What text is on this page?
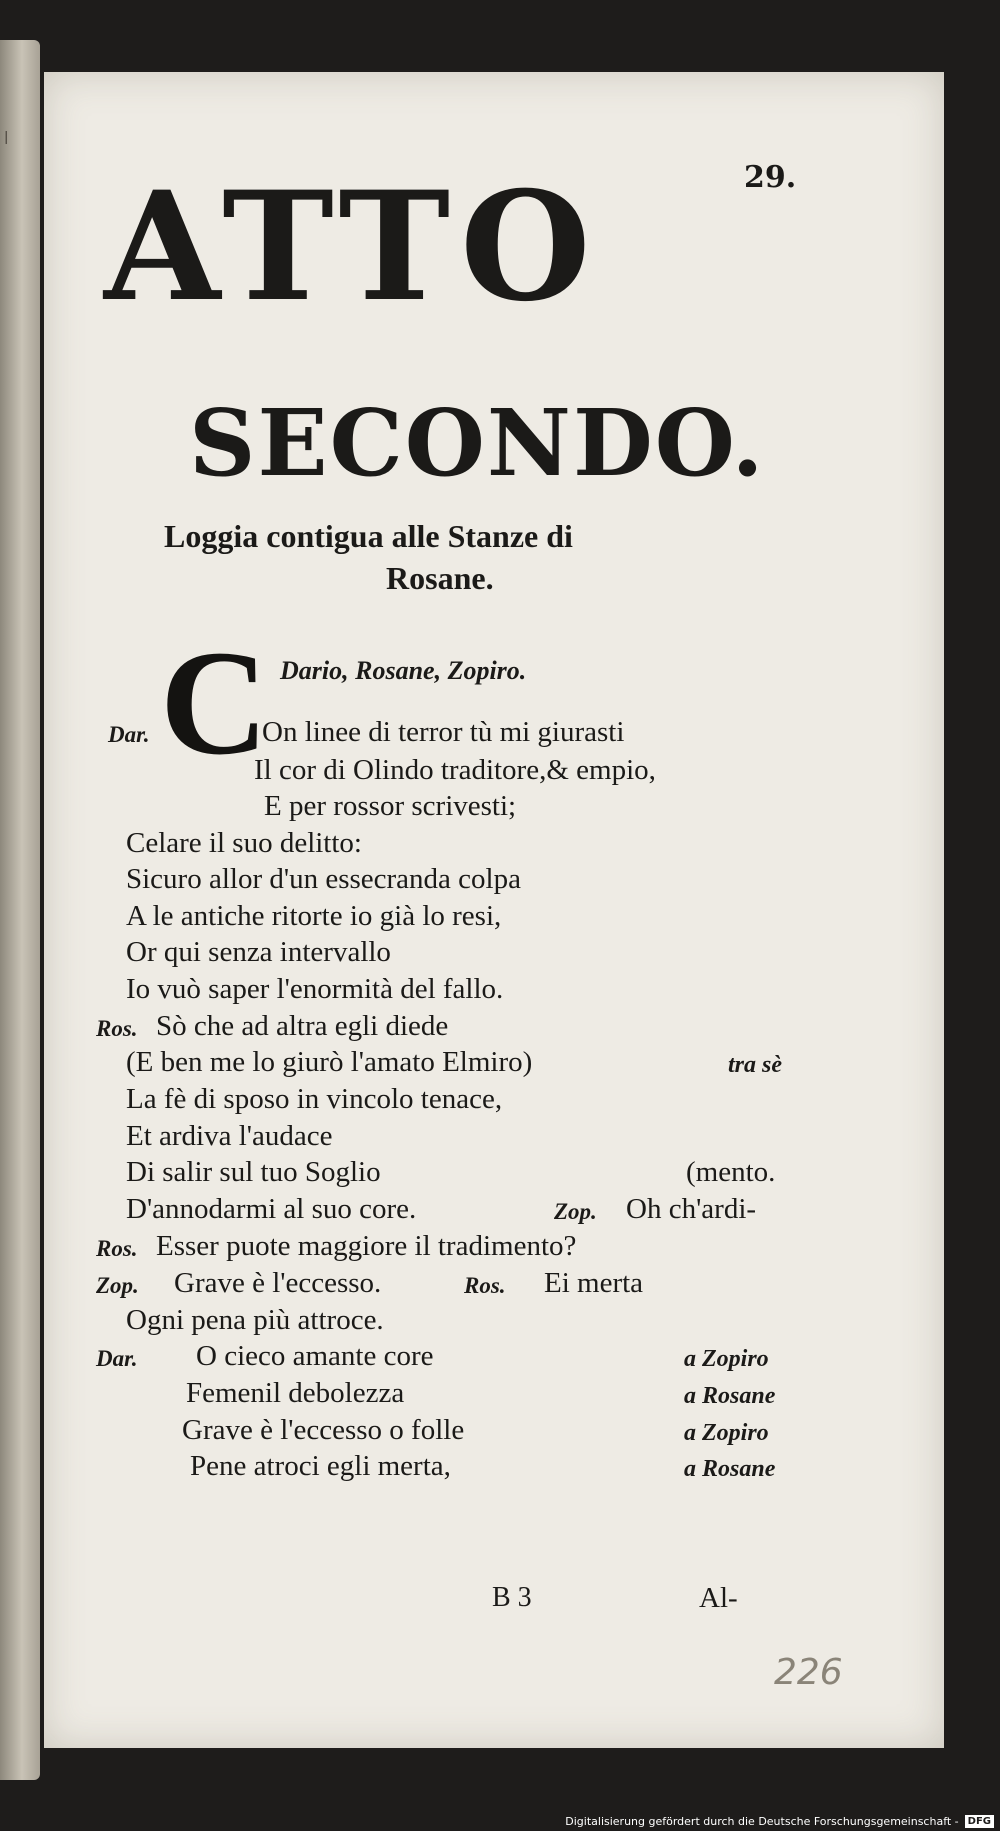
|
29.
ATTO
SECONDO.
Loggia contigua alle Stanze di
Rosane.
Dario, Rosane, Zopiro.
C
Dar.	On linee di terror tù mi giurasti
Il cor di Olindo traditore,& empio,
E per rossor scrivesti;
Celare il suo delitto:
Sicuro allor d'un essecranda colpa
A le antiche ritorte io già lo resi,
Or qui senza intervallo
Io vuò saper l'enormità del fallo.
Ros. Sò che ad altra egli diede
(E ben me lo giurò l'amato Elmiro)	tra sè
La fè di sposo in vincolo tenace,
Et ardiva l'audace
Di salir sul tuo Soglio	(mento.
D'annodarmi al suo core.	Zop. Oh ch'ardi-
Ros. Esser puote maggiore il tradimento?
Zop. Grave è l'eccesso.	Ros. Ei merta
Ogni pena più attroce.
Dar. O cieco amante core	a Zopiro
Femenil debolezza	a Rosane
Grave è l'eccesso o folle	a Zopiro
Pene atroci egli merta,	a Rosane
B 3	Al-
226
Digitalisierung gefördert durch die Deutsche Forschungsgemeinschaft - DFG
